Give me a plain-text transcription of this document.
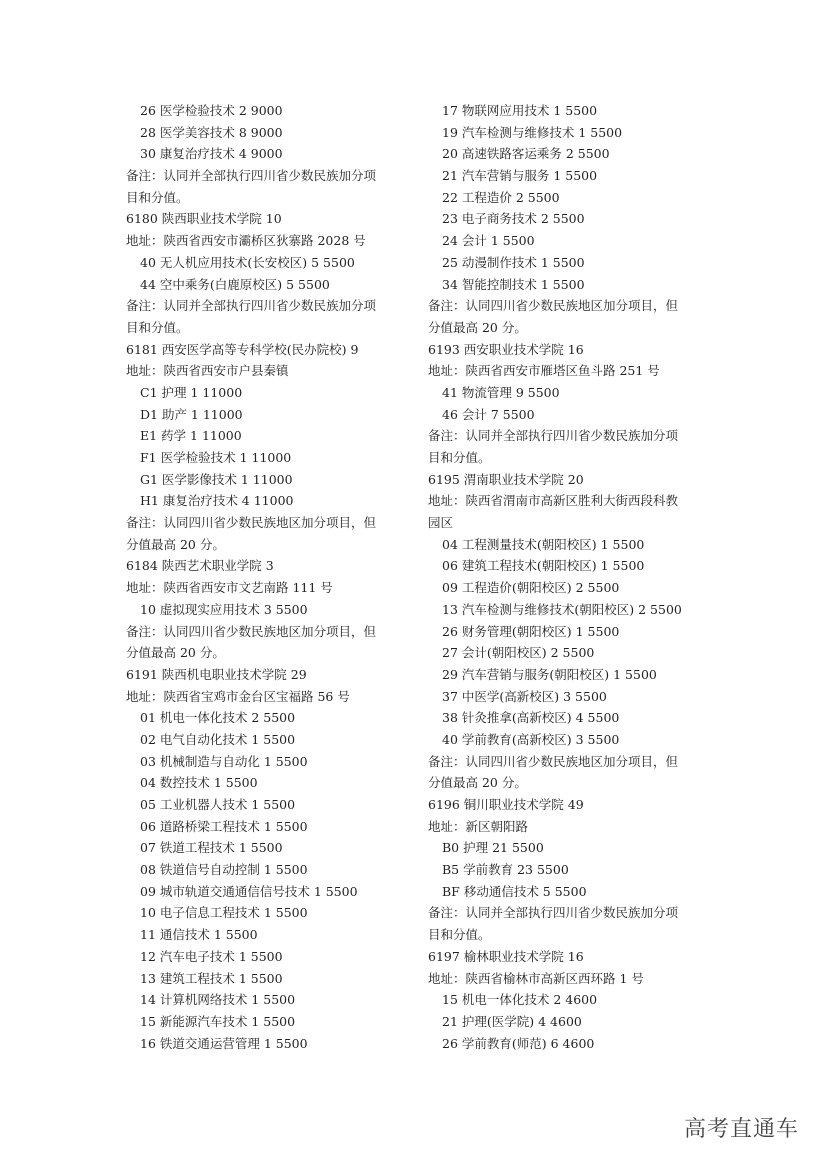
26 医学检验技术 2 9000
28 医学美容技术 8 9000
30 康复治疗技术 4 9000
备注：认同并全部执行四川省少数民族加分项
目和分值。
6180 陕西职业技术学院 10
地址：陕西省西安市灞桥区狄寨路 2028 号
40 无人机应用技术(长安校区) 5 5500
44 空中乘务(白鹿原校区) 5 5500
备注：认同并全部执行四川省少数民族加分项
目和分值。
6181 西安医学高等专科学校(民办院校) 9
地址：陕西省西安市户县秦镇
C1 护理 1 11000
D1 助产 1 11000
E1 药学 1 11000
F1 医学检验技术 1 11000
G1 医学影像技术 1 11000
H1 康复治疗技术 4 11000
备注：认同四川省少数民族地区加分项目，但
分值最高 20 分。
6184 陕西艺术职业学院 3
地址：陕西省西安市文艺南路 111 号
10 虚拟现实应用技术 3 5500
备注：认同四川省少数民族地区加分项目，但
分值最高 20 分。
6191 陕西机电职业技术学院 29
地址：陕西省宝鸡市金台区宝福路 56 号
01 机电一体化技术 2 5500
02 电气自动化技术 1 5500
03 机械制造与自动化 1 5500
04 数控技术 1 5500
05 工业机器人技术 1 5500
06 道路桥梁工程技术 1 5500
07 铁道工程技术 1 5500
08 铁道信号自动控制 1 5500
09 城市轨道交通通信信号技术 1 5500
10 电子信息工程技术 1 5500
11 通信技术 1 5500
12 汽车电子技术 1 5500
13 建筑工程技术 1 5500
14 计算机网络技术 1 5500
15 新能源汽车技术 1 5500
16 铁道交通运营管理 1 5500
17 物联网应用技术 1 5500
19 汽车检测与维修技术 1 5500
20 高速铁路客运乘务 2 5500
21 汽车营销与服务 1 5500
22 工程造价 2 5500
23 电子商务技术 2 5500
24 会计 1 5500
25 动漫制作技术 1 5500
34 智能控制技术 1 5500
备注：认同四川省少数民族地区加分项目，但
分值最高 20 分。
6193 西安职业技术学院 16
地址：陕西省西安市雁塔区鱼斗路 251 号
41 物流管理 9 5500
46 会计 7 5500
备注：认同并全部执行四川省少数民族加分项
目和分值。
6195 渭南职业技术学院 20
地址：陕西省渭南市高新区胜利大街西段科教
园区
04 工程测量技术(朝阳校区) 1 5500
06 建筑工程技术(朝阳校区) 1 5500
09 工程造价(朝阳校区) 2 5500
13 汽车检测与维修技术(朝阳校区) 2 5500
26 财务管理(朝阳校区) 1 5500
27 会计(朝阳校区) 2 5500
29 汽车营销与服务(朝阳校区) 1 5500
37 中医学(高新校区) 3 5500
38 针灸推拿(高新校区) 4 5500
40 学前教育(高新校区) 3 5500
备注：认同四川省少数民族地区加分项目，但
分值最高 20 分。
6196 铜川职业技术学院 49
地址：新区朝阳路
B0 护理 21 5500
B5 学前教育 23 5500
BF 移动通信技术 5 5500
备注：认同并全部执行四川省少数民族加分项
目和分值。
6197 榆林职业技术学院 16
地址：陕西省榆林市高新区西环路 1 号
15 机电一体化技术 2 4600
21 护理(医学院) 4 4600
26 学前教育(师范) 6 4600
高考直通车
